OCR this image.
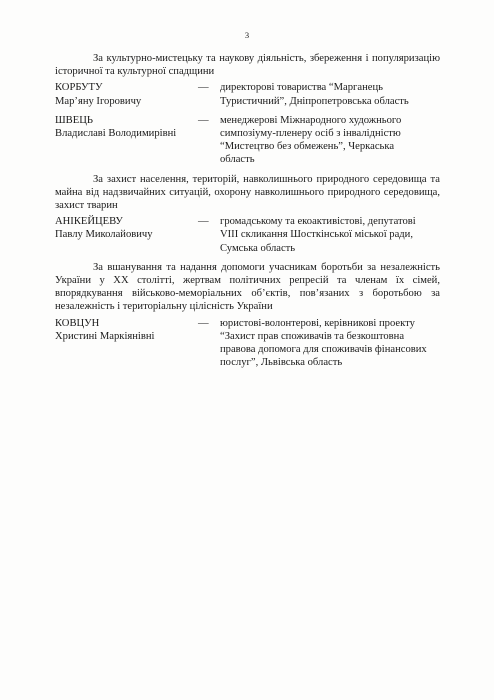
3

За культурно-мистецьку та наукову діяльність, збереження і популяризацію історичної та культурної спадщини

КОРБУТУ
Мар’яну Ігоровичу
—	директорові товариства “Марганець
Туристичний”, Дніпропетровська область
ШВЕЦЬ
Владиславі Володимирівні
—	менеджерові Міжнародного художнього
симпозіуму-пленеру осіб з інвалідністю
“Мистецтво без обмежень”, Черкаська
область

За захист населення, територій, навколишнього природного середовища та майна від надзвичайних ситуацій, охорону навколишнього природного середовища, захист тварин

АНІКЕЙЦЕВУ
Павлу Миколайовичу
—	громадському та екоактивістові, депутатові
VIII скликання Шосткінської міської ради,
Сумська область

За вшанування та надання допомоги учасникам боротьби за незалежність України у ХХ столітті, жертвам політичних репресій та членам їх сімей, впорядкування військово-меморіальних об’єктів, пов’язаних з боротьбою за незалежність і територіальну цілісність України

КОВЦУН
Христині Маркіянівні
—	юристові-волонтерові, керівникові проекту
“Захист прав споживачів та безкоштовна
правова допомога для споживачів фінансових
послуг”, Львівська область
